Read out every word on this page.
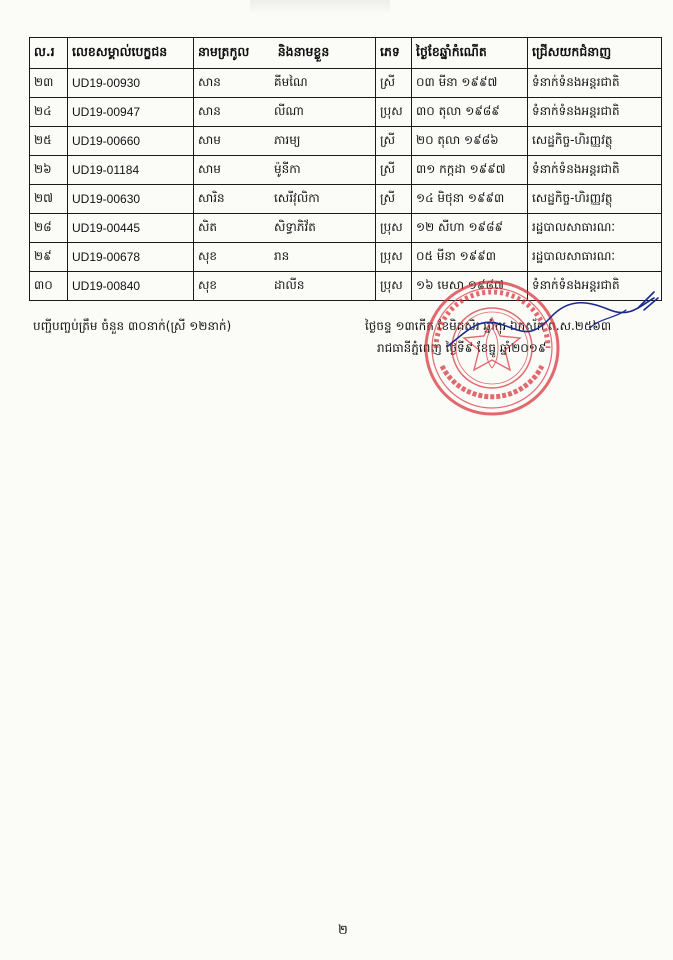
ល.រ	លេខសម្គាល់បេក្ខជន	នាមត្រកូល និងនាមខ្លួន	ភេទ	ថ្ងៃខែឆ្នាំកំណើត	ជ្រើសយកជំនាញ
២៣	UD19-00930	សាន គីមណៃ	ស្រី	០៣ មីនា ១៩៩៧	ទំនាក់ទំនងអន្តរជាតិ
២៤	UD19-00947	សាន លីណា	ប្រុស	៣០ តុលា ១៩៨៩	ទំនាក់ទំនងអន្តរជាតិ
២៥	UD19-00660	សាម ភារម្យ	ស្រី	២០ តុលា ១៩៨៦	សេដ្ឋកិច្ច-ហិរញ្ញវត្ថុ
២៦	UD19-01184	សាម ម៉ូនីកា	ស្រី	៣១ កក្កដា ១៩៩៧	ទំនាក់ទំនងអន្តរជាតិ
២៧	UD19-00630	សារិន សេរីវុលិកា	ស្រី	១៤ មិថុនា ១៩៩៣	សេដ្ឋកិច្ច-ហិរញ្ញវត្ថុ
២៨	UD19-00445	សិត សិទ្ធាភិវ័ត	ប្រុស	១២ សីហា ១៩៨៩	រដ្ឋបាលសាធារណៈ
២៩	UD19-00678	សុខ រាន	ប្រុស	០៥ មីនា ១៩៩៣	រដ្ឋបាលសាធារណៈ
៣០	UD19-00840	សុខ ដាលីន	ប្រុស	១៦ មេសា ១៩៨៧	ទំនាក់ទំនងអន្តរជាតិ
បញ្ជីបញ្ចប់ត្រឹម ចំនួន ៣០នាក់(ស្រី ១២នាក់)	ថ្ងៃចន្ទ ១៣កើត ខែមិគសិរ ឆ្នាំកុរ ឯកស័ក ព.ស.២៥៦៣
រាជធានីភ្នំពេញ ថ្ងៃទី៩ ខែធ្នូ ឆ្នាំ២០១៩
២
